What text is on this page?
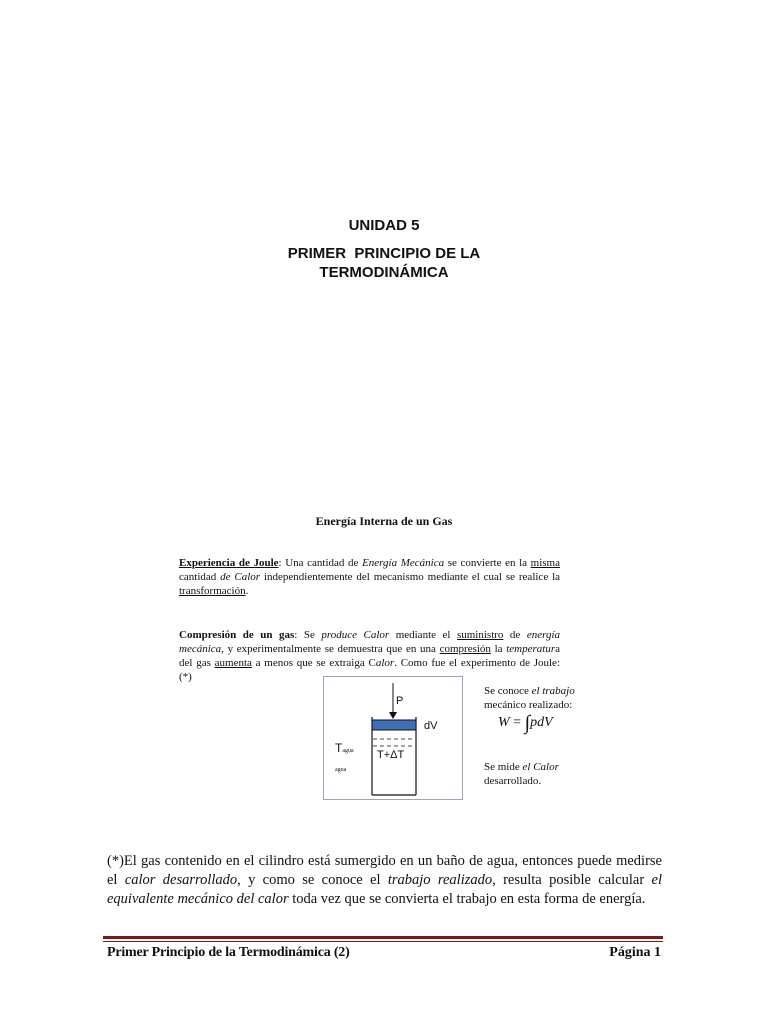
UNIDAD 5
PRIMER  PRINCIPIO DE LA
TERMODINÁMICA
Energía Interna de un Gas
Experiencia de Joule: Una cantidad de Energía Mecánica se convierte en la misma cantidad de Calor independientemente del mecanismo mediante el cual se realice la transformación.
Compresión de un gas: Se produce Calor mediante el suministro de energía mecánica, y experimentalmente se demuestra que en una compresión la temperatura del gas aumenta a menos que se extraiga Calor. Como fue el experimento de Joule: (*)
P
dV
Tagua
agua
T+ΔT
Se conoce el trabajo mecánico realizado:
W = ∫pdV
Se mide el Calor desarrollado.
(*)El gas contenido en el cilindro está sumergido en un baño de agua, entonces puede medirse el calor desarrollado, y como se conoce el trabajo realizado, resulta posible calcular el equivalente mecánico del calor toda vez que se convierta el trabajo en esta forma de energía.
Primer Principio de la Termodinámica (2)	Página 1
